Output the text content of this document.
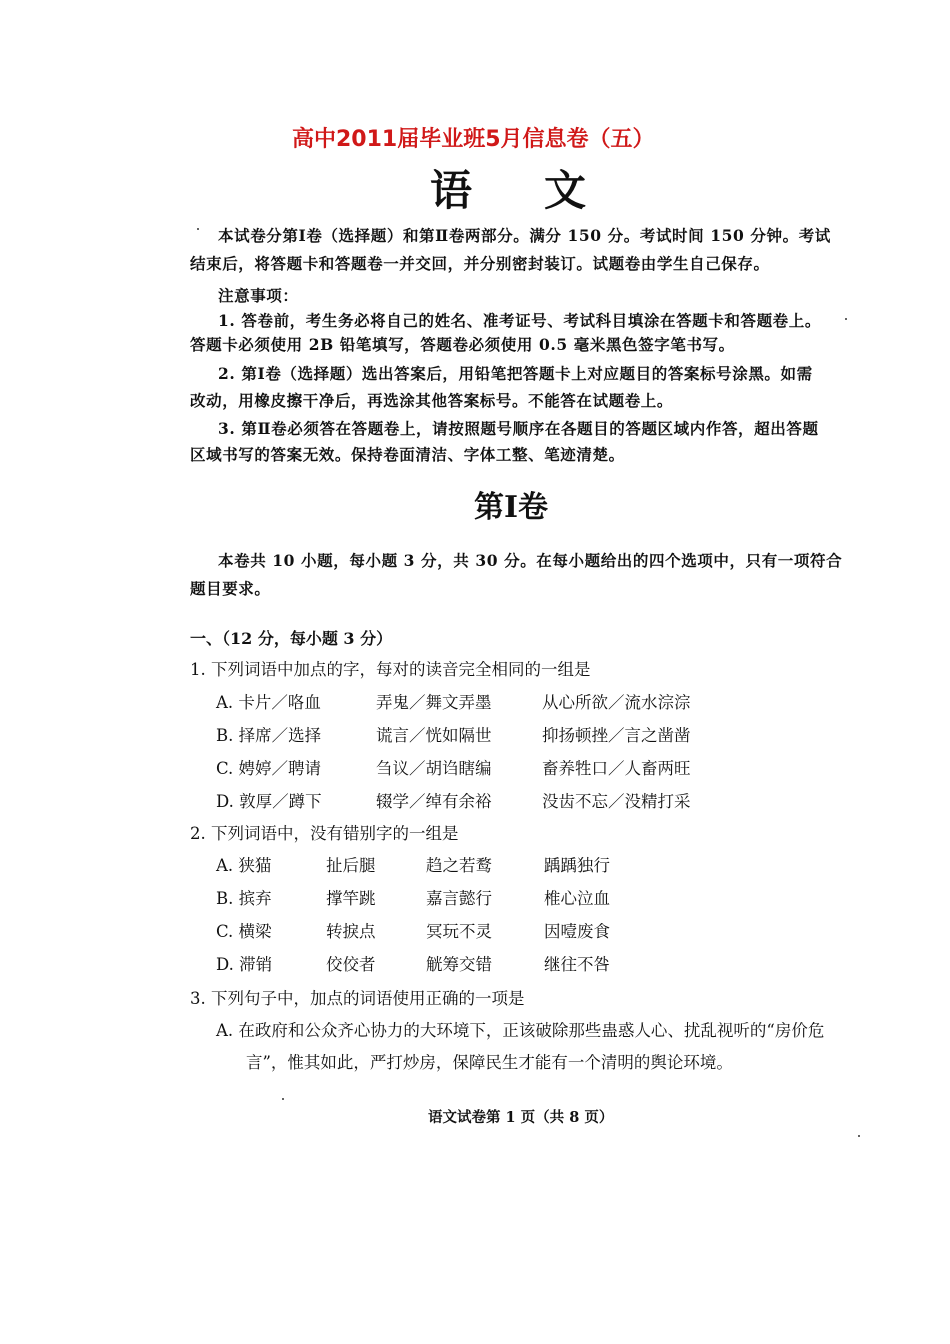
高中2011届毕业班5月信息卷（五）
语文
本试卷分第Ⅰ卷（选择题）和第Ⅱ卷两部分。满分 150 分。考试时间 150 分钟。考试
结束后，将答题卡和答题卷一并交回，并分别密封装订。试题卷由学生自己保存。
注意事项：
1. 答卷前，考生务必将自己的姓名、准考证号、考试科目填涂在答题卡和答题卷上。
答题卡必须使用 2B 铅笔填写，答题卷必须使用 0.5 毫米黑色签字笔书写。
2. 第Ⅰ卷（选择题）选出答案后，用铅笔把答题卡上对应题目的答案标号涂黑。如需
改动，用橡皮擦干净后，再选涂其他答案标号。不能答在试题卷上。
3. 第Ⅱ卷必须答在答题卷上，请按照题号顺序在各题目的答题区域内作答，超出答题
区域书写的答案无效。保持卷面清洁、字体工整、笔迹清楚。
第Ⅰ卷
本卷共 10 小题，每小题 3 分，共 30 分。在每小题给出的四个选项中，只有一项符合
题目要求。
一、（12 分，每小题 3 分）
1. 下列词语中加点的字，每对的读音完全相同的一组是
A. 卡片／咯血	弄鬼／舞文弄墨	从心所欲／流水淙淙
B. 择席／选择	谎言／恍如隔世	抑扬顿挫／言之凿凿
C. 娉婷／聘请	刍议／胡诌瞎编	畜养牲口／人畜两旺
D. 敦厚／蹲下	辍学／绰有余裕	没齿不忘／没精打采
2. 下列词语中，没有错别字的一组是
A. 狭猫	扯后腿	趋之若鹜	踽踽独行
B. 摈弃	撑竿跳	嘉言懿行	椎心泣血
C. 横梁	转捩点	冥玩不灵	因噎废食
D. 滞销	佼佼者	觥筹交错	继往不咎
3. 下列句子中，加点的词语使用正确的一项是
A. 在政府和公众齐心协力的大环境下，正该破除那些蛊惑人心、扰乱视听的“房价危
言”，惟其如此，严打炒房，保障民生才能有一个清明的舆论环境。
语文试卷第 1 页（共 8 页）
